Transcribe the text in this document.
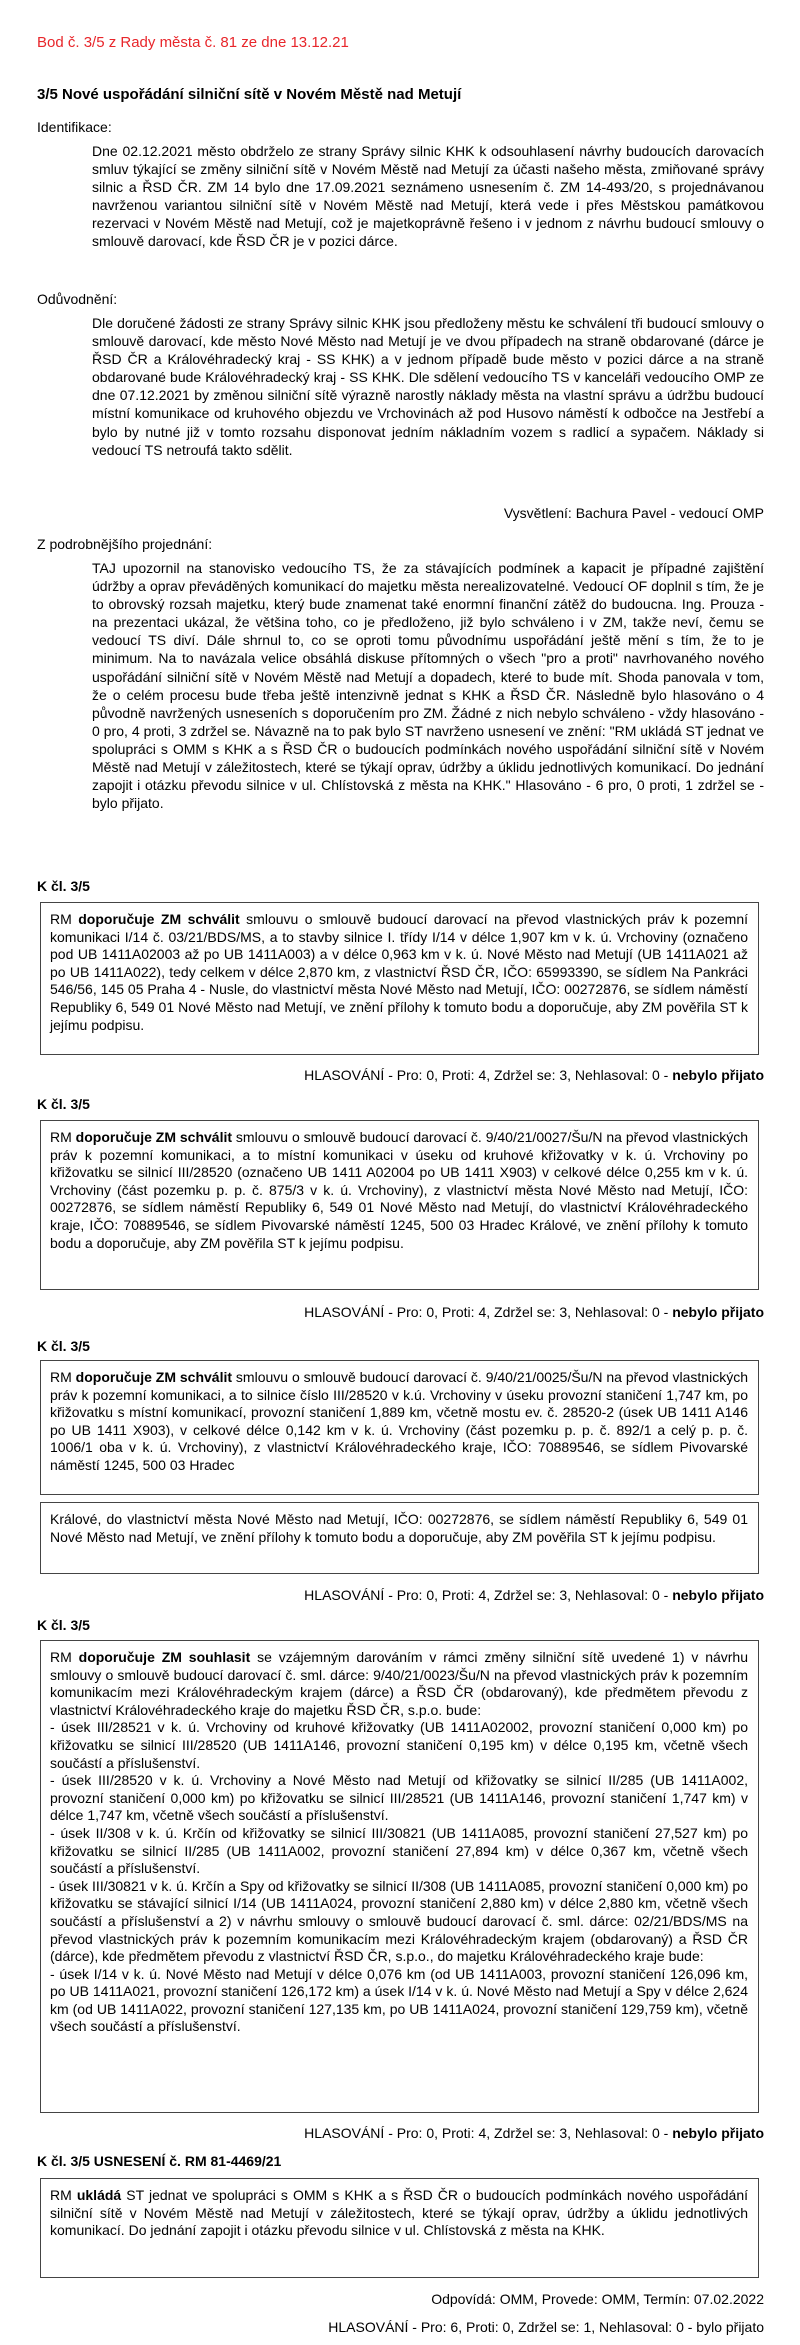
Bod č. 3/5 z Rady města č. 81 ze dne 13.12.21
3/5 Nové uspořádání silniční sítě v Novém Městě nad Metují
Identifikace:
Dne 02.12.2021 město obdrželo ze strany Správy silnic KHK k odsouhlasení návrhy budoucích darovacích smluv týkající se změny silniční sítě v Novém Městě nad Metují za účasti našeho města, zmiňované správy silnic a ŘSD ČR. ZM 14 bylo dne 17.09.2021 seznámeno usnesením č. ZM 14-493/20, s projednávanou navrženou variantou silniční sítě v Novém Městě nad Metují, která vede i přes Městskou památkovou rezervaci v Novém Městě nad Metují, což je majetkoprávně řešeno i v jednom z návrhu budoucí smlouvy o smlouvě darovací, kde ŘSD ČR je v pozici dárce.
Odůvodnění:
Dle doručené žádosti ze strany Správy silnic KHK jsou předloženy městu ke schválení tři budoucí smlouvy o smlouvě darovací, kde město Nové Město nad Metují je ve dvou případech na straně obdarované (dárce je ŘSD ČR a Královéhradecký kraj - SS KHK) a v jednom případě bude město v pozici dárce a na straně obdarované bude Královéhradecký kraj - SS KHK. Dle sdělení vedoucího TS v kanceláři vedoucího OMP ze dne 07.12.2021 by změnou silniční sítě výrazně narostly náklady města na vlastní správu a údržbu budoucí místní komunikace od kruhového objezdu ve Vrchovinách až pod Husovo náměstí k odbočce na Jestřebí a bylo by nutné již v tomto rozsahu disponovat jedním nákladním vozem s radlicí a sypačem. Náklady si vedoucí TS netroufá takto sdělit.
Vysvětlení: Bachura Pavel - vedoucí OMP
Z podrobnějšího projednání:
TAJ upozornil na stanovisko vedoucího TS, že za stávajících podmínek a kapacit je případné zajištění údržby a oprav převáděných komunikací do majetku města nerealizovatelné. Vedoucí OF doplnil s tím, že je to obrovský rozsah majetku, který bude znamenat také enormní finanční zátěž do budoucna. Ing. Prouza - na prezentaci ukázal, že většina toho, co je předloženo, již bylo schváleno i v ZM, takže neví, čemu se vedoucí TS diví. Dále shrnul to, co se oproti tomu původnímu uspořádání ještě mění s tím, že to je minimum. Na to navázala velice obsáhlá diskuse přítomných o všech "pro a proti" navrhovaného nového uspořádání silniční sítě v Novém Městě nad Metují a dopadech, které to bude mít. Shoda panovala v tom, že o celém procesu bude třeba ještě intenzivně jednat s KHK a ŘSD ČR. Následně bylo hlasováno o 4 původně navržených usneseních s doporučením pro ZM. Žádné z nich nebylo schváleno - vždy hlasováno - 0 pro, 4 proti, 3 zdržel se. Návazně na to pak bylo ST navrženo usnesení ve znění: "RM ukládá ST jednat ve spolupráci s OMM s KHK a s ŘSD ČR o budoucích podmínkách nového uspořádání silniční sítě v Novém Městě nad Metují v záležitostech, které se týkají oprav, údržby a úklidu jednotlivých komunikací. Do jednání zapojit i otázku převodu silnice v ul. Chlístovská z města na KHK." Hlasováno - 6 pro, 0 proti, 1 zdržel se - bylo přijato.
K čl. 3/5
RM doporučuje ZM schválit smlouvu o smlouvě budoucí darovací na převod vlastnických práv k pozemní komunikaci I/14 č. 03/21/BDS/MS, a to stavby silnice I. třídy I/14 v délce 1,907 km v k. ú. Vrchoviny (označeno pod UB 1411A02003 až po UB 1411A003) a v délce 0,963 km v k. ú. Nové Město nad Metují (UB 1411A021 až po UB 1411A022), tedy celkem v délce 2,870 km, z vlastnictví ŘSD ČR, IČO: 65993390, se sídlem Na Pankráci 546/56, 145 05 Praha 4 - Nusle, do vlastnictví města Nové Město nad Metují, IČO: 00272876, se sídlem náměstí Republiky 6, 549 01 Nové Město nad Metují, ve znění přílohy k tomuto bodu a doporučuje, aby ZM pověřila ST k jejímu podpisu.
HLASOVÁNÍ - Pro: 0, Proti: 4, Zdržel se: 3, Nehlasoval: 0 - nebylo přijato
K čl. 3/5
RM doporučuje ZM schválit smlouvu o smlouvě budoucí darovací č. 9/40/21/0027/Šu/N na převod vlastnických práv k pozemní komunikaci, a to místní komunikaci v úseku od kruhové křižovatky v k. ú. Vrchoviny po křižovatku se silnicí III/28520 (označeno UB 1411 A02004 po UB 1411 X903) v celkové délce 0,255 km v k. ú. Vrchoviny (část pozemku p. p. č. 875/3 v k. ú. Vrchoviny), z vlastnictví města Nové Město nad Metují, IČO: 00272876, se sídlem náměstí Republiky 6, 549 01 Nové Město nad Metují, do vlastnictví Královéhradeckého kraje, IČO: 70889546, se sídlem Pivovarské náměstí 1245, 500 03 Hradec Králové, ve znění přílohy k tomuto bodu a doporučuje, aby ZM pověřila ST k jejímu podpisu.
HLASOVÁNÍ - Pro: 0, Proti: 4, Zdržel se: 3, Nehlasoval: 0 - nebylo přijato
K čl. 3/5
RM doporučuje ZM schválit smlouvu o smlouvě budoucí darovací č. 9/40/21/0025/Šu/N na převod vlastnických práv k pozemní komunikaci, a to silnice číslo III/28520 v k.ú. Vrchoviny v úseku provozní staničení 1,747 km, po křižovatku s místní komunikací, provozní staničení 1,889 km, včetně mostu ev. č. 28520-2 (úsek UB 1411 A146 po UB 1411 X903), v celkové délce 0,142 km v k. ú. Vrchoviny (část pozemku p. p. č. 892/1 a celý p. p. č. 1006/1 oba v k. ú. Vrchoviny), z vlastnictví Královéhradeckého kraje, IČO: 70889546, se sídlem Pivovarské náměstí 1245, 500 03 Hradec
Králové, do vlastnictví města Nové Město nad Metují, IČO: 00272876, se sídlem náměstí Republiky 6, 549 01 Nové Město nad Metují, ve znění přílohy k tomuto bodu a doporučuje, aby ZM pověřila ST k jejímu podpisu.
HLASOVÁNÍ - Pro: 0, Proti: 4, Zdržel se: 3, Nehlasoval: 0 - nebylo přijato
K čl. 3/5
RM doporučuje ZM souhlasit se vzájemným darováním v rámci změny silniční sítě uvedené 1) v návrhu smlouvy o smlouvě budoucí darovací č. sml. dárce: 9/40/21/0023/Šu/N na převod vlastnických práv k pozemním komunikacím mezi Královéhradeckým krajem (dárce) a ŘSD ČR (obdarovaný), kde předmětem převodu z vlastnictví Královéhradeckého kraje do majetku ŘSD ČR, s.p.o. bude:
- úsek III/28521 v k. ú. Vrchoviny od kruhové křižovatky (UB 1411A02002, provozní staničení 0,000 km) po křižovatku se silnicí III/28520 (UB 1411A146, provozní staničení 0,195 km) v délce 0,195 km, včetně všech součástí a příslušenství.
- úsek III/28520 v k. ú. Vrchoviny a Nové Město nad Metují od křižovatky se silnicí II/285 (UB 1411A002, provozní staničení 0,000 km) po křižovatku se silnicí III/28521 (UB 1411A146, provozní staničení 1,747 km) v délce 1,747 km, včetně všech součástí a příslušenství.
- úsek II/308 v k. ú. Krčín od křižovatky se silnicí III/30821 (UB 1411A085, provozní staničení 27,527 km) po křižovatku se silnicí II/285 (UB 1411A002, provozní staničení 27,894 km) v délce 0,367 km, včetně všech součástí a příslušenství.
- úsek III/30821 v k. ú. Krčín a Spy od křižovatky se silnicí II/308 (UB 1411A085, provozní staničení 0,000 km) po křižovatku se stávající silnicí I/14 (UB 1411A024, provozní staničení 2,880 km) v délce 2,880 km, včetně všech součástí a příslušenství a 2) v návrhu smlouvy o smlouvě budoucí darovací č. sml. dárce: 02/21/BDS/MS na převod vlastnických práv k pozemním komunikacím mezi Královéhradeckým krajem (obdarovaný) a ŘSD ČR (dárce), kde předmětem převodu z vlastnictví ŘSD ČR, s.p.o., do majetku Královéhradeckého kraje bude:
- úsek I/14 v k. ú. Nové Město nad Metují v délce 0,076 km (od UB 1411A003, provozní staničení 126,096 km, po UB 1411A021, provozní staničení 126,172 km) a úsek I/14 v k. ú. Nové Město nad Metují a Spy v délce 2,624 km (od UB 1411A022, provozní staničení 127,135 km, po UB 1411A024, provozní staničení 129,759 km), včetně všech součástí a příslušenství.
HLASOVÁNÍ - Pro: 0, Proti: 4, Zdržel se: 3, Nehlasoval: 0 - nebylo přijato
K čl. 3/5 USNESENÍ č. RM 81-4469/21
RM ukládá ST jednat ve spolupráci s OMM s KHK a s ŘSD ČR o budoucích podmínkách nového uspořádání silniční sítě v Novém Městě nad Metují v záležitostech, které se týkají oprav, údržby a úklidu jednotlivých komunikací. Do jednání zapojit i otázku převodu silnice v ul. Chlístovská z města na KHK.
Odpovídá: OMM, Provede: OMM, Termín: 07.02.2022
HLASOVÁNÍ - Pro: 6, Proti: 0, Zdržel se: 1, Nehlasoval: 0 - bylo přijato
